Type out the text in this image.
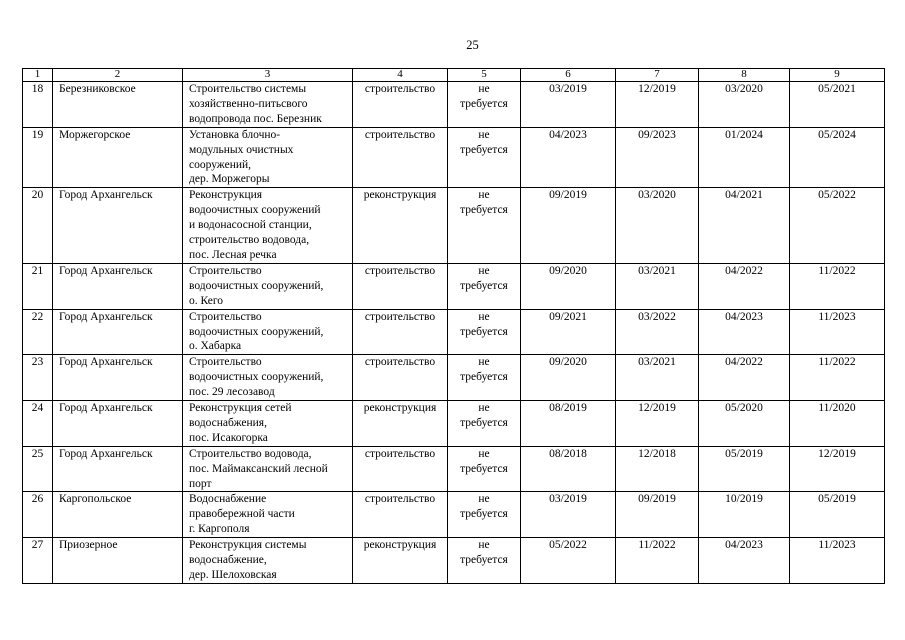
25
1	2	3	4	5	6	7	8	9
18	Березниковское	Строительство системы
хозяйственно-питьсвого
водопровода пос. Березник	строительство	не
требуется	03/2019	12/2019	03/2020	05/2021
19	Моржегорское	Установка блочно-
модульных очистных
сооружений,
дер. Моржегоры	строительство	не
требуется	04/2023	09/2023	01/2024	05/2024
20	Город Архангельск	Реконструкция
водоочистных сооружений
и водонасосной станции,
строительство водовода,
пос. Лесная речка	реконструкция	не
требуется	09/2019	03/2020	04/2021	05/2022
21	Город Архангельск	Строительство
водоочистных сооружений,
о. Кего	строительство	не
требуется	09/2020	03/2021	04/2022	11/2022
22	Город Архангельск	Строительство
водоочистных сооружений,
о. Хабарка	строительство	не
требуется	09/2021	03/2022	04/2023	11/2023
23	Город Архангельск	Строительство
водоочистных сооружений,
пос. 29 лесозавод	строительство	не
требуется	09/2020	03/2021	04/2022	11/2022
24	Город Архангельск	Реконструкция сетей
водоснабжения,
пос. Исакогорка	реконструкция	не
требуется	08/2019	12/2019	05/2020	11/2020
25	Город Архангельск	Строительство водовода,
пос. Маймаксанский лесной
порт	строительство	не
требуется	08/2018	12/2018	05/2019	12/2019
26	Каргопольское	Водоснабжение
правобережной части
г. Каргополя	строительство	не
требуется	03/2019	09/2019	10/2019	05/2019
27	Приозерное	Реконструкция системы
водоснабжение,
дер. Шелоховская	реконструкция	не
требуется	05/2022	11/2022	04/2023	11/2023
